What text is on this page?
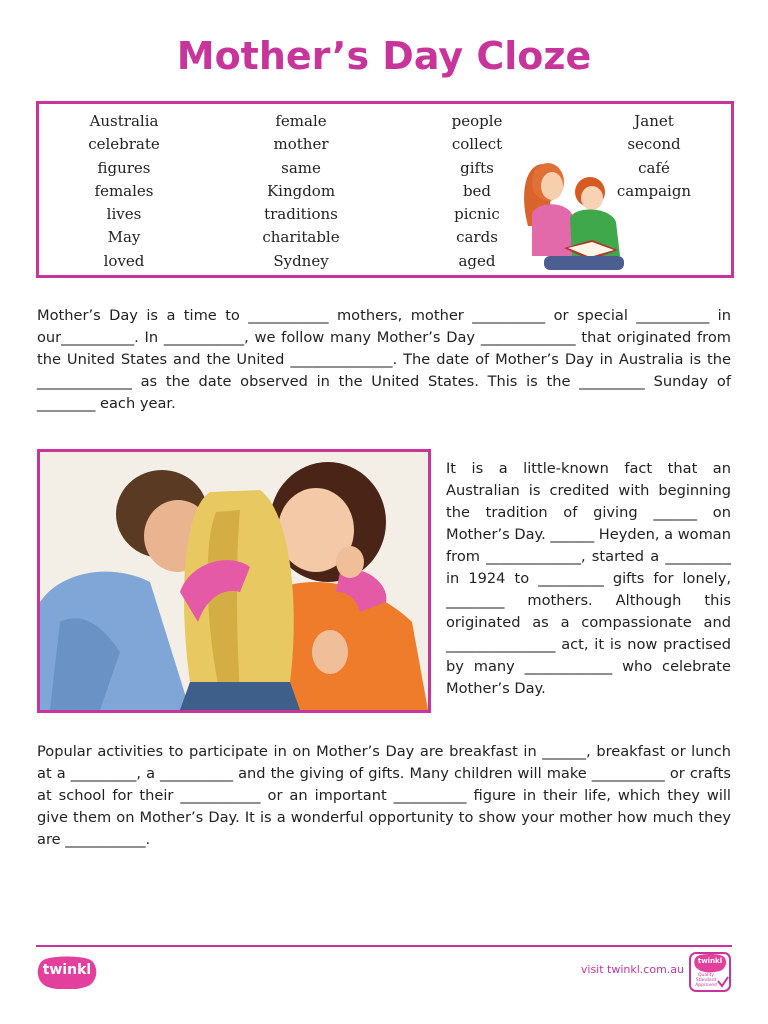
Mother’s Day Cloze
Australia
celebrate
figures
females
lives
May
loved
female
mother
same
Kingdom
traditions
charitable
Sydney
people
collect
gifts
bed
picnic
cards
aged
Janet
second
café
campaign
Mother’s Day is a time to ___________ mothers, mother __________ or special __________ in our__________. In ___________, we follow many Mother’s Day _____________ that originated from the United States and the United ______________. The date of Mother’s Day in Australia is the _____________ as the date observed in the United States. This is the _________ Sunday of ________ each year.
It is a little-known fact that an Australian is credited with beginning the tradition of giving ______ on Mother’s Day. ______ Heyden, a woman from _____________, started a _________ in 1924 to _________ gifts for lonely, ________ mothers. Although this originated as a compassionate and _______________ act, it is now practised by many ____________ who celebrate Mother’s Day.
Popular activities to participate in on Mother’s Day are breakfast in ______, breakfast or lunch at a _________, a __________ and the giving of gifts. Many children will make __________ or crafts at school for their ___________ or an important __________ figure in their life, which they will give them on Mother’s Day. It is a wonderful opportunity to show your mother how much they are ___________.
twinkl	visit twinkl.com.au
twinkl
Quality Standard Approved
